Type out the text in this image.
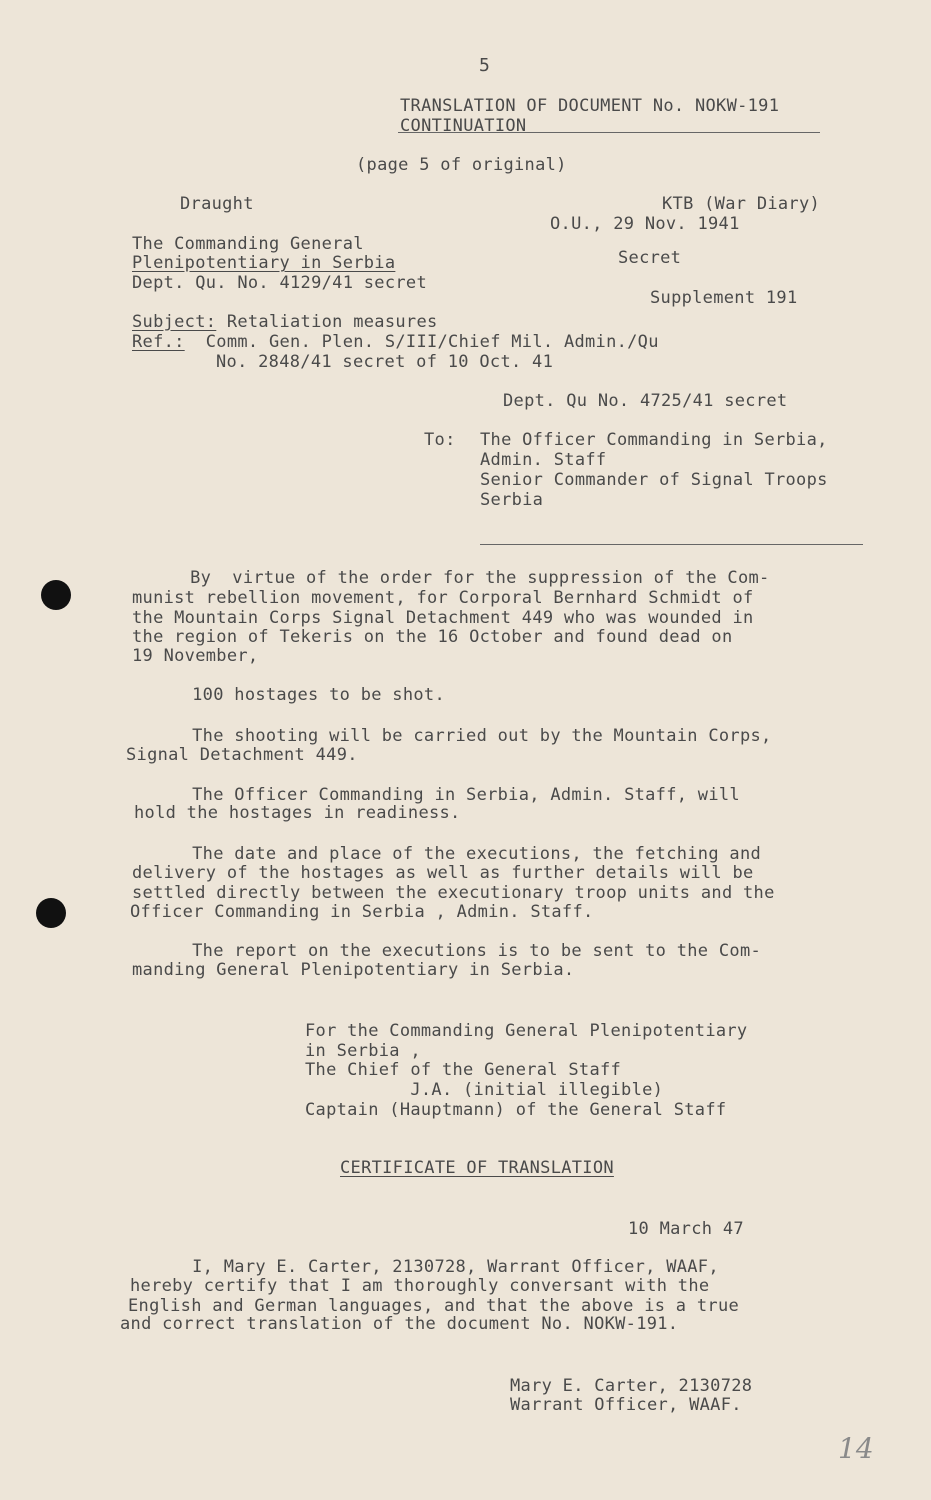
5
TRANSLATION OF DOCUMENT No. NOKW-191
CONTINUATION
(page 5 of original)
Draught	KTB (War Diary)
O.U., 29 Nov. 1941
The Commanding General
Plenipotentiary in Serbia	Secret
Dept. Qu. No. 4129/41 secret
Supplement 191
Subject: Retaliation measures
Ref.:  Comm. Gen. Plen. S/III/Chief Mil. Admin./Qu
No. 2848/41 secret of 10 Oct. 41
Dept. Qu No. 4725/41 secret
To: The Officer Commanding in Serbia,
Admin. Staff
Senior Commander of Signal Troops
Serbia
By  virtue of the order for the suppression of the Com-
munist rebellion movement, for Corporal Bernhard Schmidt of
the Mountain Corps Signal Detachment 449 who was wounded in
the region of Tekeris on the 16 October and found dead on
19 November,
100 hostages to be shot.
The shooting will be carried out by the Mountain Corps,
Signal Detachment 449.
The Officer Commanding in Serbia, Admin. Staff, will
hold the hostages in readiness.
The date and place of the executions, the fetching and
delivery of the hostages as well as further details will be
settled directly between the executionary troop units and the
Officer Commanding in Serbia , Admin. Staff.
The report on the executions is to be sent to the Com-
manding General Plenipotentiary in Serbia.
For the Commanding General Plenipotentiary
in Serbia ,
The Chief of the General Staff
J.A. (initial illegible)
Captain (Hauptmann) of the General Staff
CERTIFICATE OF TRANSLATION
10 March 47
I, Mary E. Carter, 2130728, Warrant Officer, WAAF,
hereby certify that I am thoroughly conversant with the
English and German languages, and that the above is a true
and correct translation of the document No. NOKW-191.
Mary E. Carter, 2130728
Warrant Officer, WAAF.
14
